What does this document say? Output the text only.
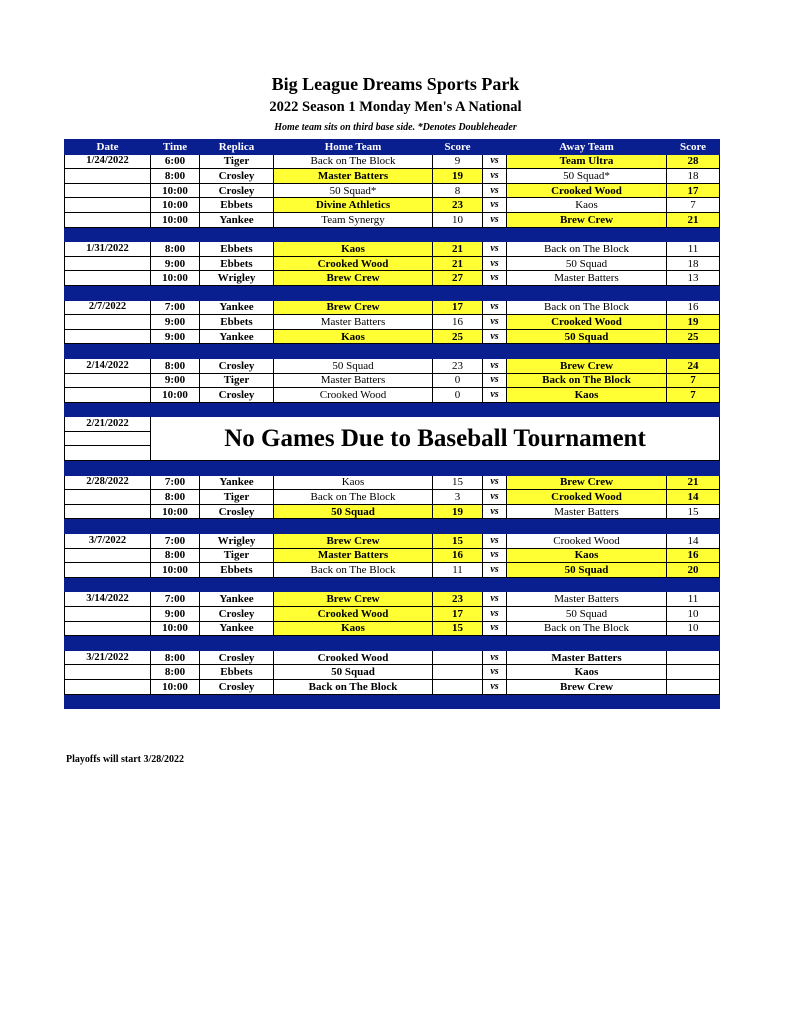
Big League Dreams Sports Park
2022 Season 1 Monday Men's A National
Home team sits on third base side. *Denotes Doubleheader
Date	Time	Replica	Home Team	Score		Away Team	Score
1/24/2022	6:00	Tiger	Back on The Block	9	vs	Team Ultra	28
	8:00	Crosley	Master Batters	19	vs	50 Squad*	18
	10:00	Crosley	50 Squad*	8	vs	Crooked Wood	17
	10:00	Ebbets	Divine Athletics	23	vs	Kaos	7
	10:00	Yankee	Team Synergy	10	vs	Brew Crew	21

1/31/2022	8:00	Ebbets	Kaos	21	vs	Back on The Block	11
	9:00	Ebbets	Crooked Wood	21	vs	50 Squad	18
	10:00	Wrigley	Brew Crew	27	vs	Master Batters	13

2/7/2022	7:00	Yankee	Brew Crew	17	vs	Back on The Block	16
	9:00	Ebbets	Master Batters	16	vs	Crooked Wood	19
	9:00	Yankee	Kaos	25	vs	50 Squad	25

2/14/2022	8:00	Crosley	50 Squad	23	vs	Brew Crew	24
	9:00	Tiger	Master Batters	0	vs	Back on The Block	7
	10:00	Crosley	Crooked Wood	0	vs	Kaos	7

2/21/2022	No Games Due to Baseball Tournament						

2/28/2022	7:00	Yankee	Kaos	15	vs	Brew Crew	21
	8:00	Tiger	Back on The Block	3	vs	Crooked Wood	14
	10:00	Crosley	50 Squad	19	vs	Master Batters	15

3/7/2022	7:00	Wrigley	Brew Crew	15	vs	Crooked Wood	14
	8:00	Tiger	Master Batters	16	vs	Kaos	16
	10:00	Ebbets	Back on The Block	11	vs	50 Squad	20

3/14/2022	7:00	Yankee	Brew Crew	23	vs	Master Batters	11
	9:00	Crosley	Crooked Wood	17	vs	50 Squad	10
	10:00	Yankee	Kaos	15	vs	Back on The Block	10

3/21/2022	8:00	Crosley	Crooked Wood		vs	Master Batters	
	8:00	Ebbets	50 Squad		vs	Kaos	
	10:00	Crosley	Back on The Block		vs	Brew Crew	

Playoffs will start 3/28/2022
